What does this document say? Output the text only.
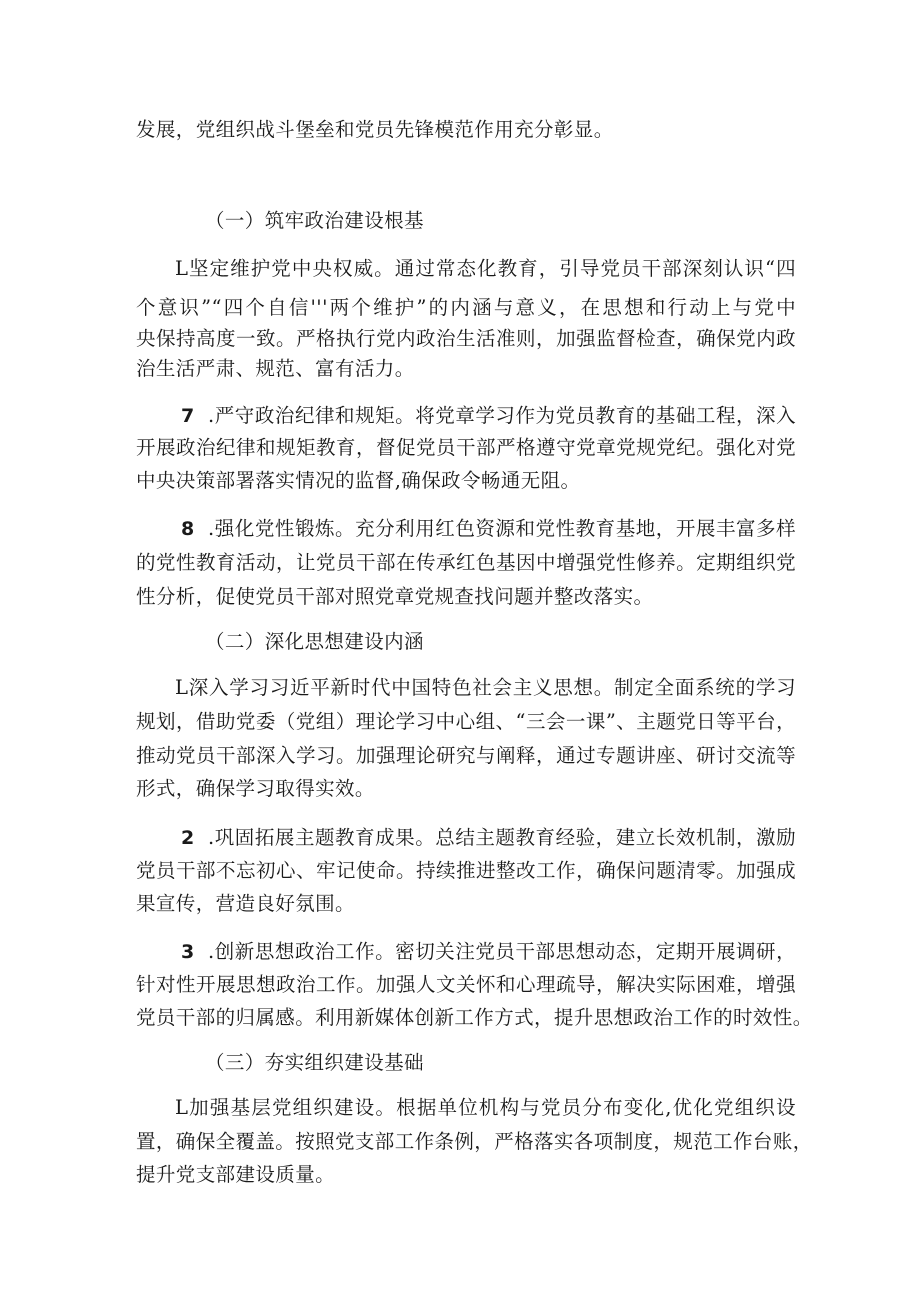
发展，党组织战斗堡垒和党员先锋模范作用充分彰显。
（一）筑牢政治建设根基
L坚定维护党中央权威。通过常态化教育，引导党员干部深刻认识“四
个意识”“四个自信'''两个维护”的内涵与意义，在思想和行动上与党中
央保持高度一致。严格执行党内政治生活准则，加强监督检查，确保党内政
治生活严肃、规范、富有活力。
7 .严守政治纪律和规矩。将党章学习作为党员教育的基础工程，深入
开展政治纪律和规矩教育，督促党员干部严格遵守党章党规党纪。强化对党
中央决策部署落实情况的监督,确保政令畅通无阻。
8 .强化党性锻炼。充分利用红色资源和党性教育基地，开展丰富多样
的党性教育活动，让党员干部在传承红色基因中增强党性修养。定期组织党
性分析，促使党员干部对照党章党规查找问题并整改落实。
（二）深化思想建设内涵
L深入学习习近平新时代中国特色社会主义思想。制定全面系统的学习
规划，借助党委（党组）理论学习中心组、“三会一课”、主题党日等平台，
推动党员干部深入学习。加强理论研究与阐释，通过专题讲座、研讨交流等
形式，确保学习取得实效。
2 .巩固拓展主题教育成果。总结主题教育经验，建立长效机制，激励
党员干部不忘初心、牢记使命。持续推进整改工作，确保问题清零。加强成
果宣传，营造良好氛围。
3 .创新思想政治工作。密切关注党员干部思想动态，定期开展调研，
针对性开展思想政治工作。加强人文关怀和心理疏导，解决实际困难，增强
党员干部的归属感。利用新媒体创新工作方式，提升思想政治工作的时效性。
（三）夯实组织建设基础
L加强基层党组织建设。根据单位机构与党员分布变化,优化党组织设
置，确保全覆盖。按照党支部工作条例，严格落实各项制度，规范工作台账，
提升党支部建设质量。
